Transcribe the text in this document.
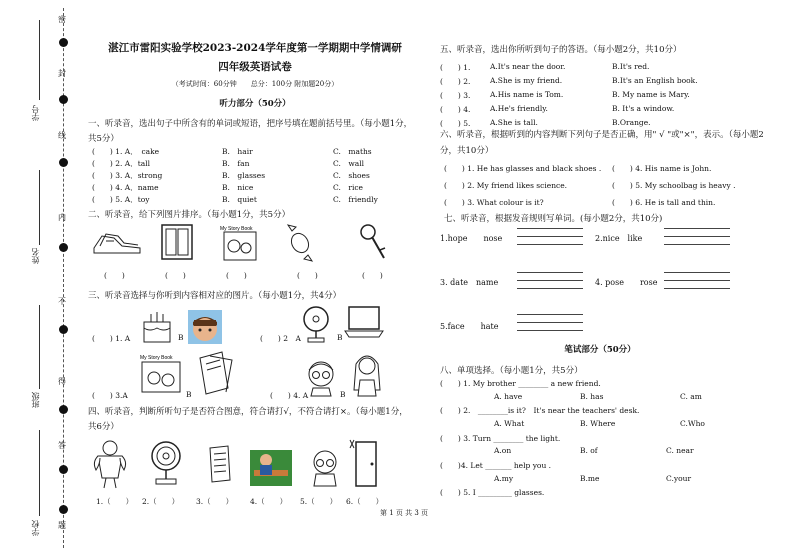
密
封
线
内
不
得
答
题
学号
姓名
班级
学校
湛江市雷阳实验学校2023-2024学年度第一学期期中学情调研
四年级英语试卷
（考试时间：60分钟　　总分：100分 附加题20分）
听力部分（50分）
一、听录音，选出句子中所含有的单词或短语，把序号填在题前括号里。（每小题1分，
共5分）
(　　) 1. A．　cake	B.　hair	C.　maths
(　　) 2. A．tall	B.　fan	C.　wall
(　　) 3. A．strong	B.　glasses	C.　shoes
(　　) 4. A．name	B.　nice	C.　rice
(　　) 5. A．toy	B.　quiet	C.　friendly
二、听录音，给下列图片排序。（每小题1分，共5分）
My Story Book
(　　)	(　　)	(　　)	(　　)	(　　)
三、听录音选择与你听到内容相对应的图片。（每小题1分，共4分）
(　　) 1. A	B	(　　) 2　A	B
(　　) 3.A
My Story Book
B	(　　) 4. A	B
四、听录音，判断所听句子是否符合图意，符合请打√，不符合请打×。（每小题1分，
共6分）
1.（　　） 2.（　　） 3.（　　） 4.（　　） 5.（　　） 6.（　　）
五、听录音，选出你所听到句子的答语。（每小题2分，共10分）
(　　) 1.	A.It's near the door.	B.It's red.
(　　) 2.	A.She is my friend.	B.It's an English book.
(　　) 3.	A.His name is Tom.	B. My name is Mary.
(　　) 4.	A.He's friendly.	B. It's a window.
(　　) 5.	A.She is tall.	B.Orange.
六、听录音，根据听到的内容判断下列句子是否正确，用" √ "或"×"，表示。（每小题2
分，共10分）
(　　) 1. He has glasses and black shoes . (　　) 4. His name is John.
(　　) 2. My friend likes science.	(　　) 5. My schoolbag is heavy .
(　　) 3. What colour is it?	(　　) 6. He is tall and thin.
七、听录音，根据发音规则写单词。(每小题2分，共10分)
1.hope　　nose	2.nice　like
3. date　name	4. pose　　rose
5.face　　hate
笔试部分（50分）
八、单项选择。（每小题1分，共5分）
(　　) 1. My brother ________ a new friend.
A. have	B. has	C. am
(　　) 2.　________is it?　It's near the teachers' desk.
A. What	B. Where	C.Who
(　　) 3. Turn ________ the light.
A.on	B. of	C. near
(　　)4. Let _______ help you .
A.my	B.me	C.your
(　　) 5. I _________ glasses.
第 1 页 共 3 页
